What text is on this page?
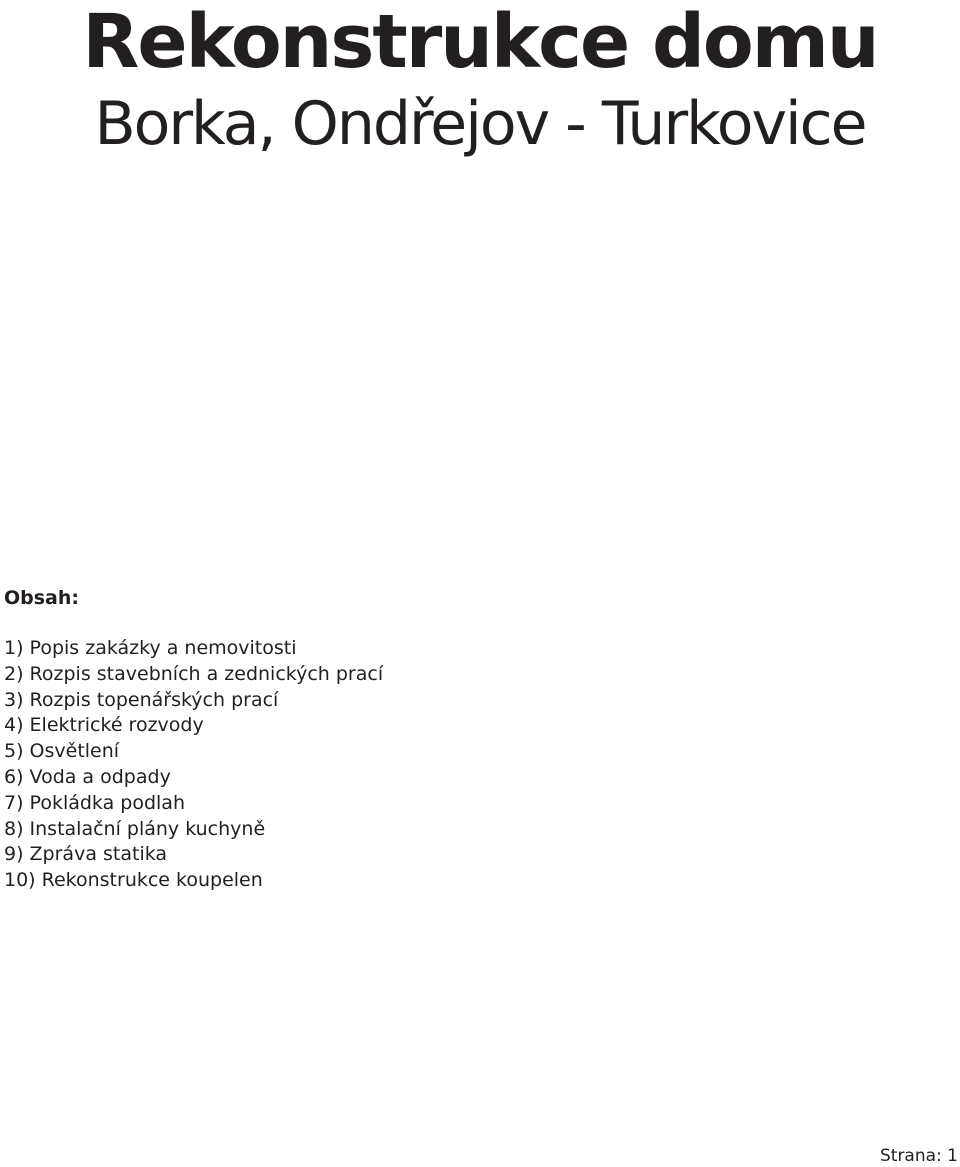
Rekonstrukce domu
Borka, Ondřejov - Turkovice
Obsah:
1) Popis zakázky a nemovitosti
2) Rozpis stavebních a zednických prací
3) Rozpis topenářských prací
4) Elektrické rozvody
5) Osvětlení
6) Voda a odpady
7) Pokládka podlah
8) Instalační plány kuchyně
9) Zpráva statika
10) Rekonstrukce koupelen
Strana: 1
